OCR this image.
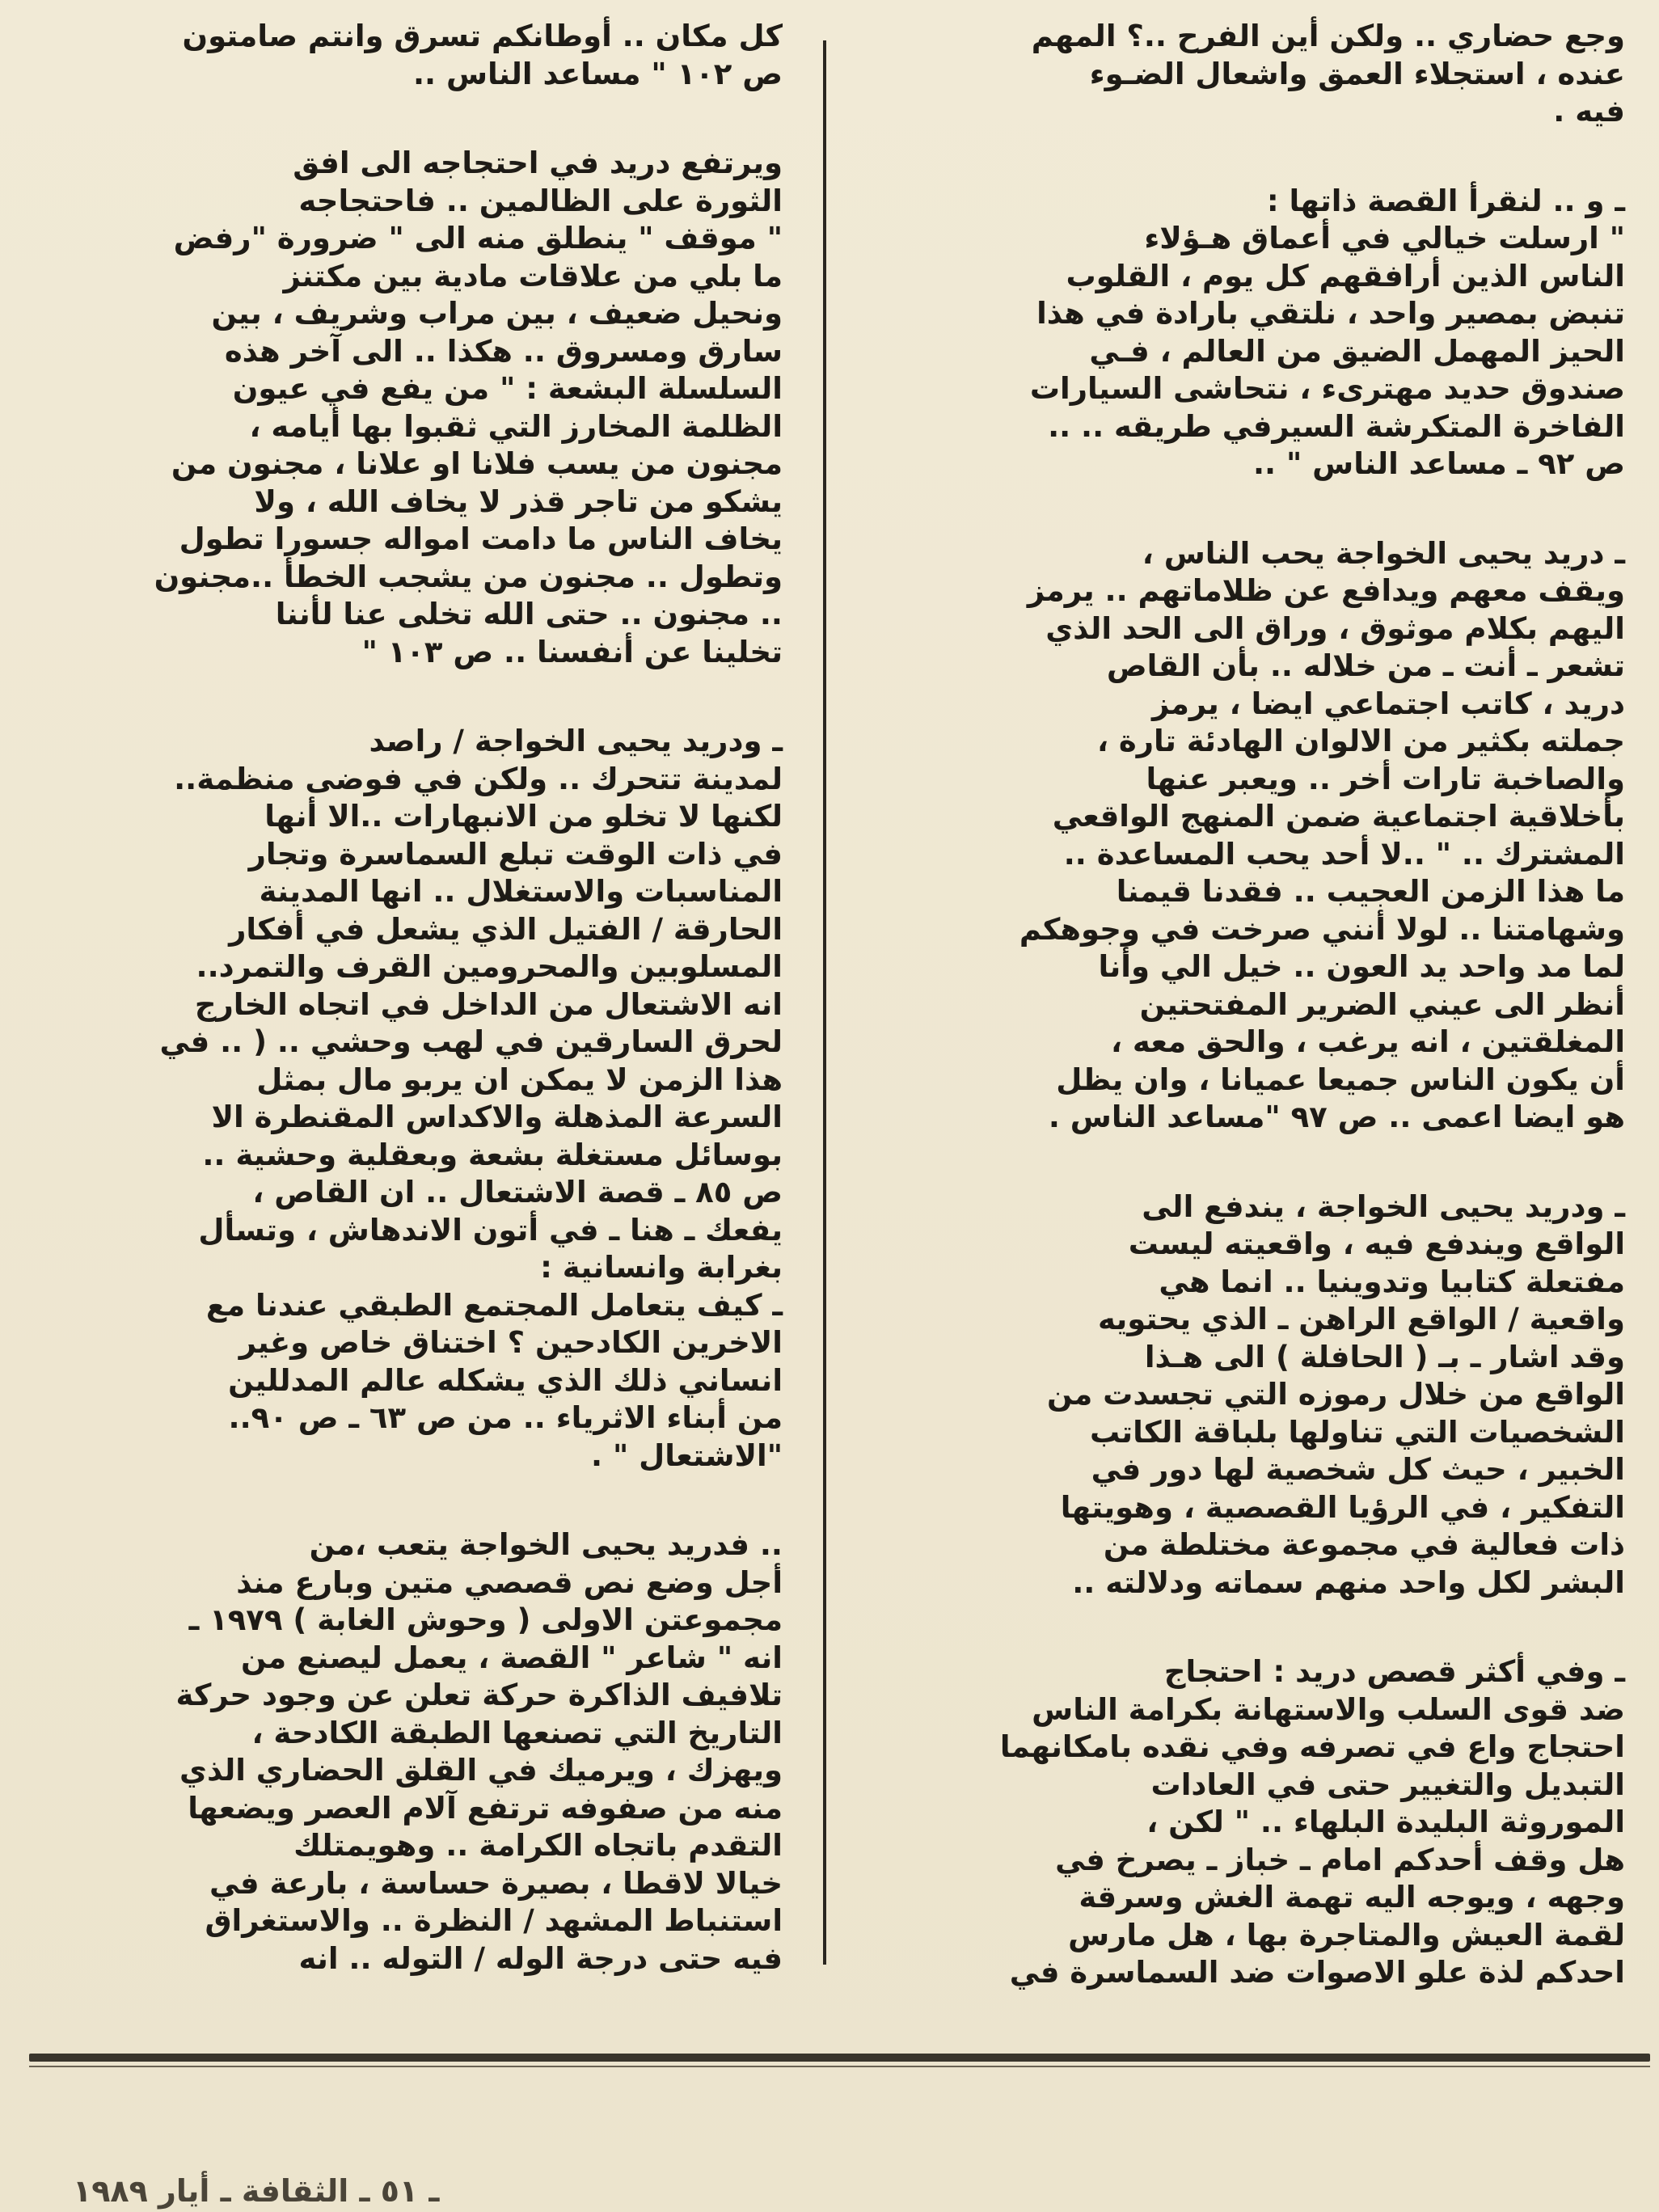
وجع حضاري .. ولكن أين الفرح ..؟ المهم

عنده ، استجلاء العمق واشعال الضـوء

فيه .

ـ و .. لنقرأ القصة ذاتها :

" ارسلت خيالي في أعماق هـؤلاء

الناس الذين أرافقهم كل يوم ، القلوب

تنبض بمصير واحد ، نلتقي بارادة في هذا

الحيز المهمل الضيق من العالم ، فـي

صندوق حديد مهترىء ، نتحاشى السيارات

الفاخرة المتكرشة السيرفي طريقه .. ..

ص ٩٢ ـ مساعد الناس " ..

ـ دريد يحيى الخواجة يحب الناس ،

ويقف معهم ويدافع عن ظلاماتهم .. يرمز

اليهم بكلام موثوق ، وراق الى الحد الذي

تشعر ـ أنت ـ من خلاله .. بأن القاص

دريد ، كاتب اجتماعي ايضا ، يرمز

جملته بكثير من الالوان الهادئة تارة ،

والصاخبة تارات أخر .. ويعبر عنها

بأخلاقية اجتماعية ضمن المنهج الواقعي

المشترك .. " ..لا أحد يحب المساعدة ..

ما هذا الزمن العجيب .. فقدنا قيمنا

وشهامتنا .. لولا أنني صرخت في وجوهكم

لما مد واحد يد العون .. خيل الي وأنا

أنظر الى عيني الضرير المفتحتين

المغلقتين ، انه يرغب ، والحق معه ،

أن يكون الناس جميعا عميانا ، وان يظل

هو ايضا اعمى .. ص ٩٧ "مساعد الناس .

ـ ودريد يحيى الخواجة ، يندفع الى

الواقع ويندفع فيه ، واقعيته ليست

مفتعلة كتابيا وتدوينيا .. انما هي

واقعية / الواقع الراهن ـ الذي يحتويه

وقد اشار ـ بـ ( الحافلة ) الى هـذا

الواقع من خلال رموزه التي تجسدت من

الشخصيات التي تناولها بلباقة الكاتب

الخبير ، حيث كل شخصية لها دور في

التفكير ، في الرؤيا القصصية ، وهويتها

ذات فعالية في مجموعة مختلطة من

البشر لكل واحد منهم سماته ودلالته ..

ـ وفي أكثر قصص دريد : احتجاج

ضد قوى السلب والاستهانة بكرامة الناس

احتجاج واع في تصرفه وفي نقده بامكانهما

التبديل والتغيير حتى في العادات

الموروثة البليدة البلهاء .. " لكن ،

هل وقف أحدكم امام ـ خباز ـ يصرخ في

وجهه ، ويوجه اليه تهمة الغش وسرقة

لقمة العيش والمتاجرة بها ، هل مارس

احدكم لذة علو الاصوات ضد السماسرة في

كل مكان .. أوطانكم تسرق وانتم صامتون

ص ١٠٢ " مساعد الناس ..

ويرتفع دريد في احتجاجه الى افق

الثورة على الظالمين .. فاحتجاجه

" موقف " ينطلق منه الى " ضرورة "رفض

ما بلي من علاقات مادية بين مكتنز

ونحيل ضعيف ، بين مراب وشريف ، بين

سارق ومسروق .. هكذا .. الى آخر هذه

السلسلة البشعة : " من يفع في عيون

الظلمة المخارز التي ثقبوا بها أيامه ،

مجنون من يسب فلانا او علانا ، مجنون من

يشكو من تاجر قذر لا يخاف الله ، ولا

يخاف الناس ما دامت امواله جسورا تطول

وتطول .. مجنون من يشجب الخطأ ..مجنون

.. مجنون .. حتى الله تخلى عنا لأننا

تخلينا عن أنفسنا .. ص ١٠٣ "

ـ ودريد يحيى الخواجة / راصد

لمدينة تتحرك .. ولكن في فوضى منظمة..

لكنها لا تخلو من الانبهارات ..الا أنها

في ذات الوقت تبلع السماسرة وتجار

المناسبات والاستغلال .. انها المدينة

الحارقة / الفتيل الذي يشعل في أفكار

المسلوبين والمحرومين القرف والتمرد..

انه الاشتعال من الداخل في اتجاه الخارج

لحرق السارقين في لهب وحشي .. ( .. في

هذا الزمن لا يمكن ان يربو مال بمثل

السرعة المذهلة والاكداس المقنطرة الا

بوسائل مستغلة بشعة وبعقلية وحشية ..

ص ٨٥ ـ قصة الاشتعال .. ان القاص ،

يفعك ـ هنا ـ في أتون الاندهاش ، وتسأل

بغرابة وانسانية :

ـ كيف يتعامل المجتمع الطبقي عندنا مع

الاخرين الكادحين ؟ اختناق خاص وغير

انساني ذلك الذي يشكله عالم المدللين

من أبناء الاثرياء .. من ص ٦٣ ـ ص ٩٠..

"الاشتعال " .

.. فدريد يحيى الخواجة يتعب ،من

أجل وضع نص قصصي متين وبارع منذ

مجموعتن الاولى ( وحوش الغابة ) ١٩٧٩ ـ

انه " شاعر " القصة ، يعمل ليصنع من

تلافيف الذاكرة حركة تعلن عن وجود حركة

التاريخ التي تصنعها الطبقة الكادحة ،

ويهزك ، ويرميك في القلق الحضاري الذي

منه من صفوفه ترتفع آلام العصر ويضعها

التقدم باتجاه الكرامة .. وهويمتلك

خيالا لاقطا ، بصيرة حساسة ، بارعة في

استنباط المشهد / النظرة .. والاستغراق

فيه حتى درجة الوله / التوله .. انه

ـ ٥١ ـ الثقافة ـ أيار ١٩٨٩
